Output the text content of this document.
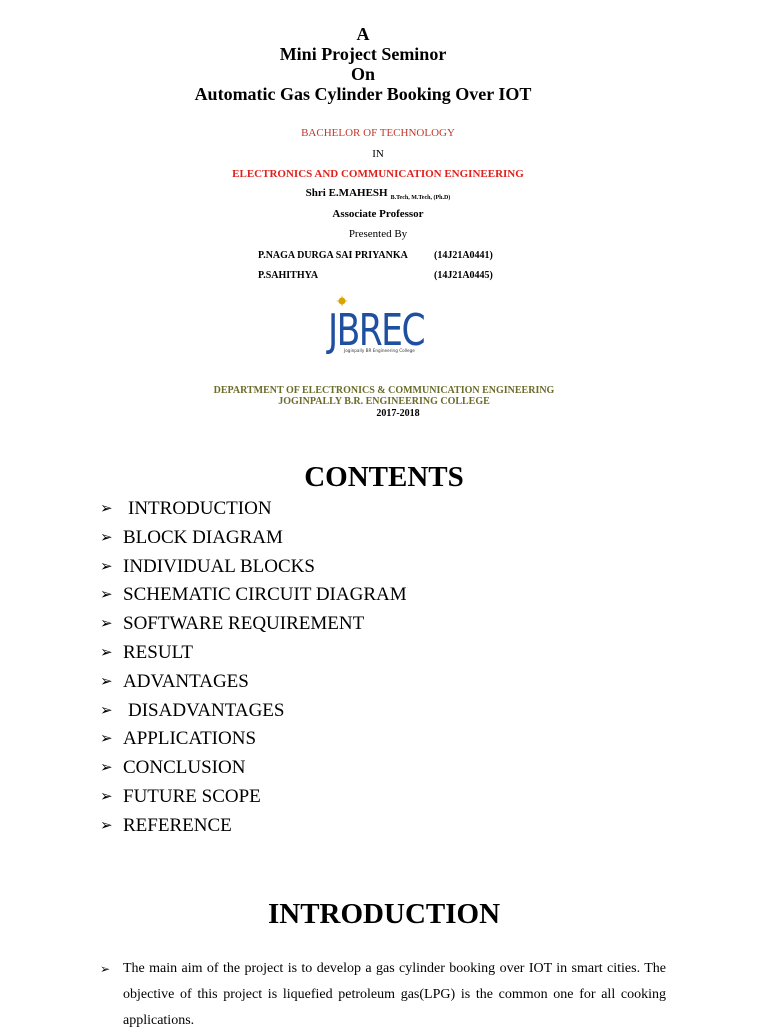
A
Mini Project Seminor
On
Automatic Gas Cylinder Booking Over IOT
BACHELOR OF TECHNOLOGY
IN
ELECTRONICS AND COMMUNICATION ENGINEERING
Shri E.MAHESH $_{B.Tech, M.Tech, (Ph.D)}$
Associate Professor
Presented By
P.NAGA DURGA SAI PRIYANKA	(14J21A0441)
P.SAHITHYA	(14J21A0445)
JBREC
Joginpally BR Engineering College
DEPARTMENT OF ELECTRONICS & COMMUNICATION ENGINEERING
JOGINPALLY B.R. ENGINEERING COLLEGE
2017-2018
CONTENTS
➢ INTRODUCTION
➢ BLOCK DIAGRAM
➢ INDIVIDUAL BLOCKS
➢ SCHEMATIC CIRCUIT DIAGRAM
➢ SOFTWARE REQUIREMENT
➢ RESULT
➢ ADVANTAGES
➢ DISADVANTAGES
➢ APPLICATIONS
➢ CONCLUSION
➢ FUTURE SCOPE
➢ REFERENCE
INTRODUCTION
➢ The main aim of the project is to develop a gas cylinder booking over IOT in smart cities. The objective of this project is liquefied petroleum gas(LPG) is the common one for all cooking applications.
